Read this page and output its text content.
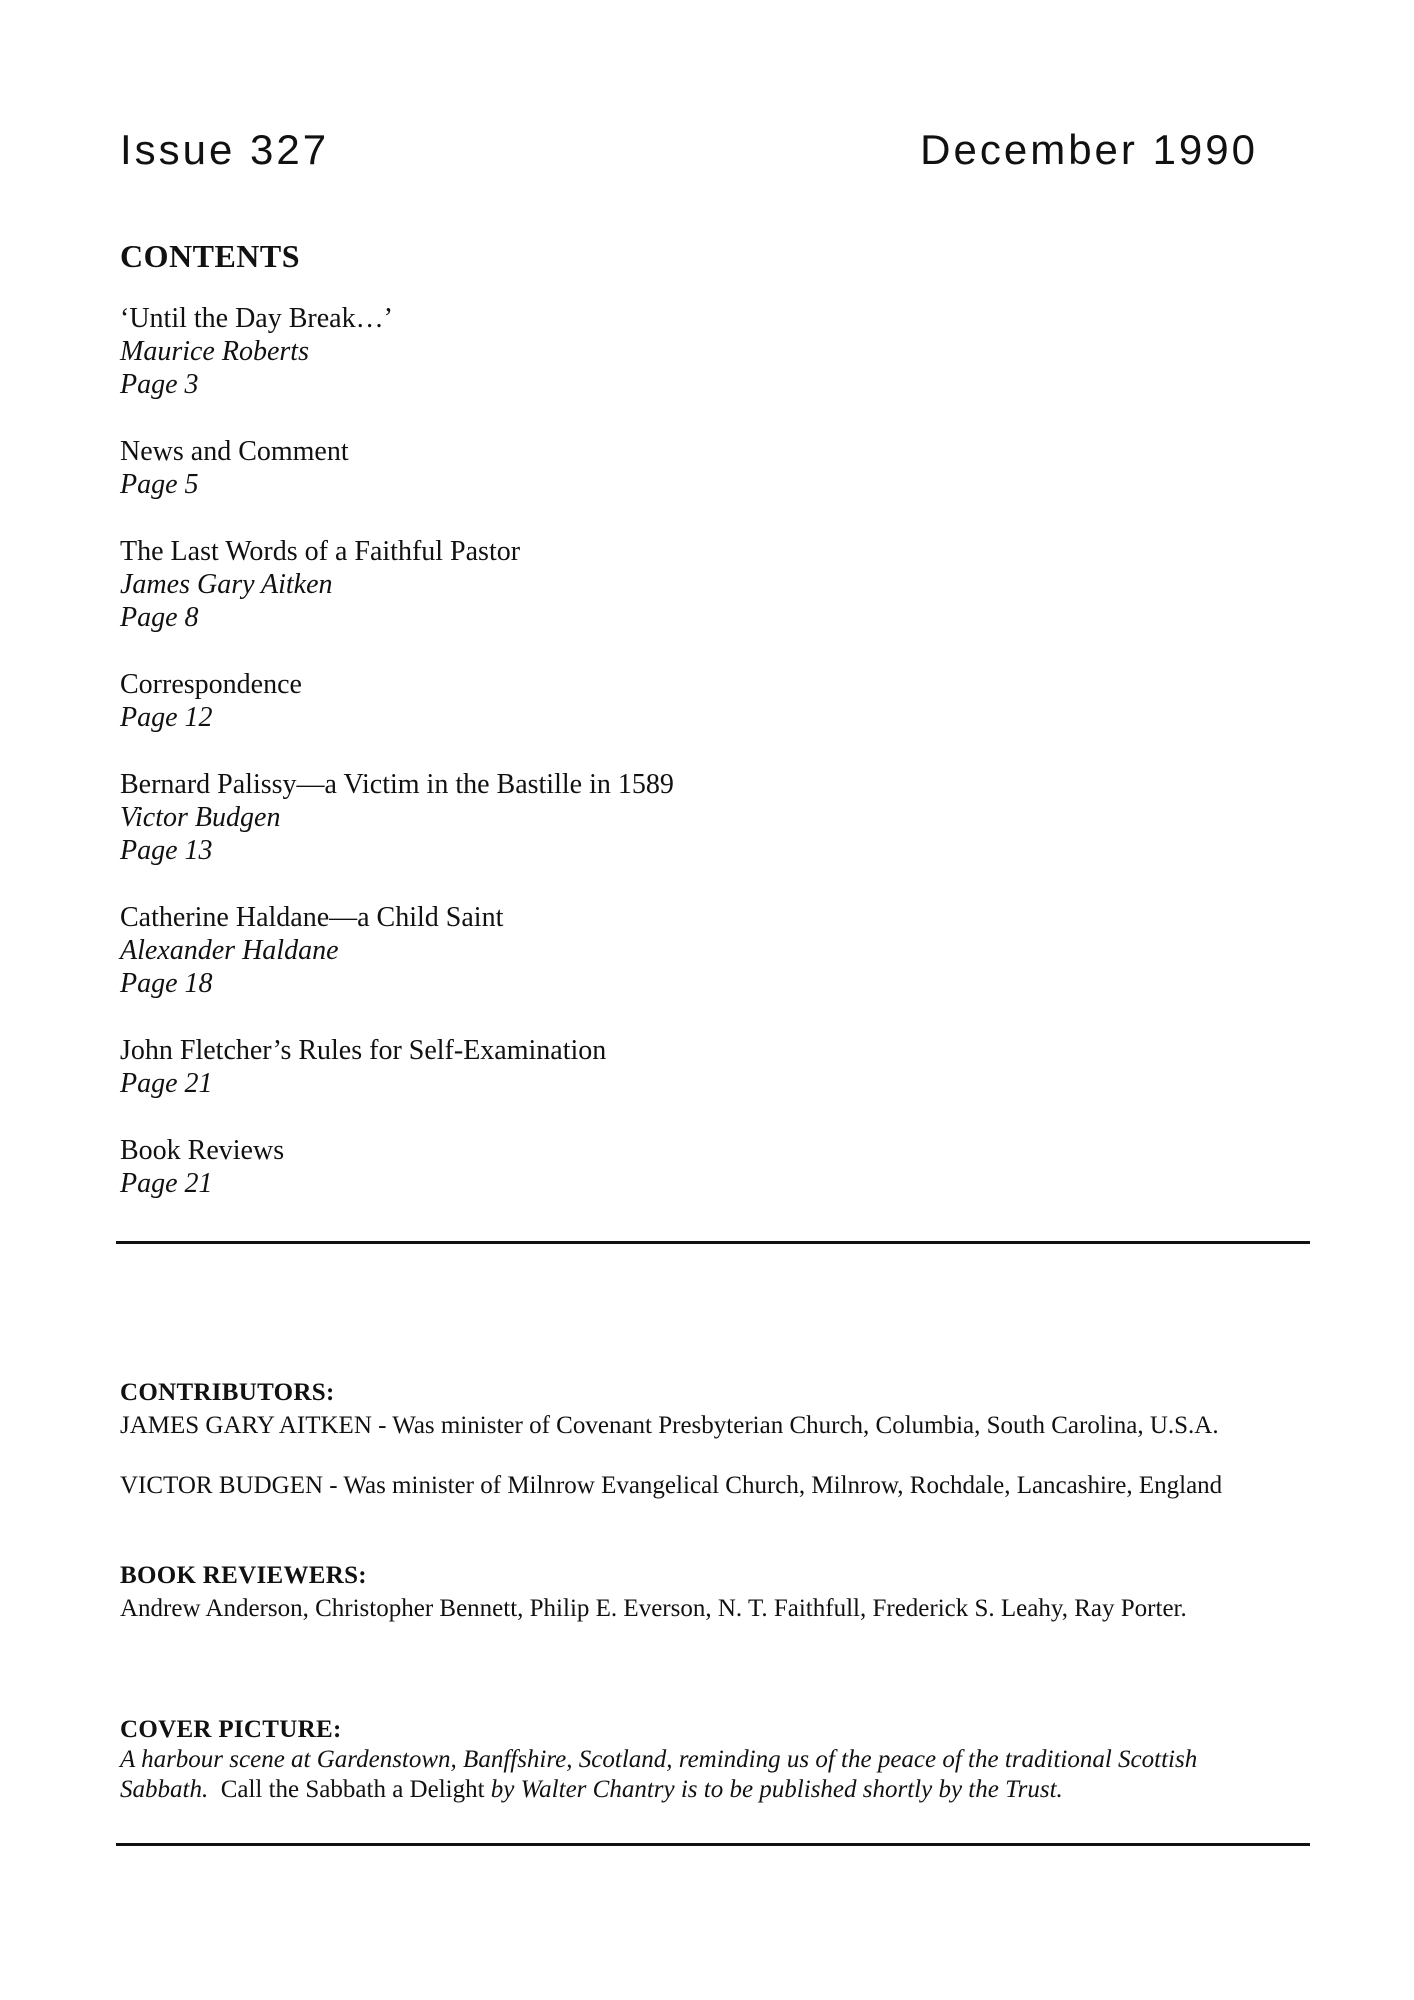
Issue 327	December 1990
CONTENTS
‘Until the Day Break…’
Maurice Roberts
Page 3
News and Comment
Page 5
The Last Words of a Faithful Pastor
James Gary Aitken
Page 8
Correspondence
Page 12
Bernard Palissy—a Victim in the Bastille in 1589
Victor Budgen
Page 13
Catherine Haldane—a Child Saint
Alexander Haldane
Page 18
John Fletcher’s Rules for Self-Examination
Page 21
Book Reviews
Page 21
CONTRIBUTORS:
JAMES GARY AITKEN - Was minister of Covenant Presbyterian Church, Columbia, South Carolina, U.S.A.
VICTOR BUDGEN - Was minister of Milnrow Evangelical Church, Milnrow, Rochdale, Lancashire, England
BOOK REVIEWERS:
Andrew Anderson, Christopher Bennett, Philip E. Everson, N. T. Faithfull, Frederick S. Leahy, Ray Porter.
COVER PICTURE:
A harbour scene at Gardenstown, Banffshire, Scotland, reminding us of the peace of the traditional Scottish Sabbath. Call the Sabbath a Delight by Walter Chantry is to be published shortly by the Trust.
